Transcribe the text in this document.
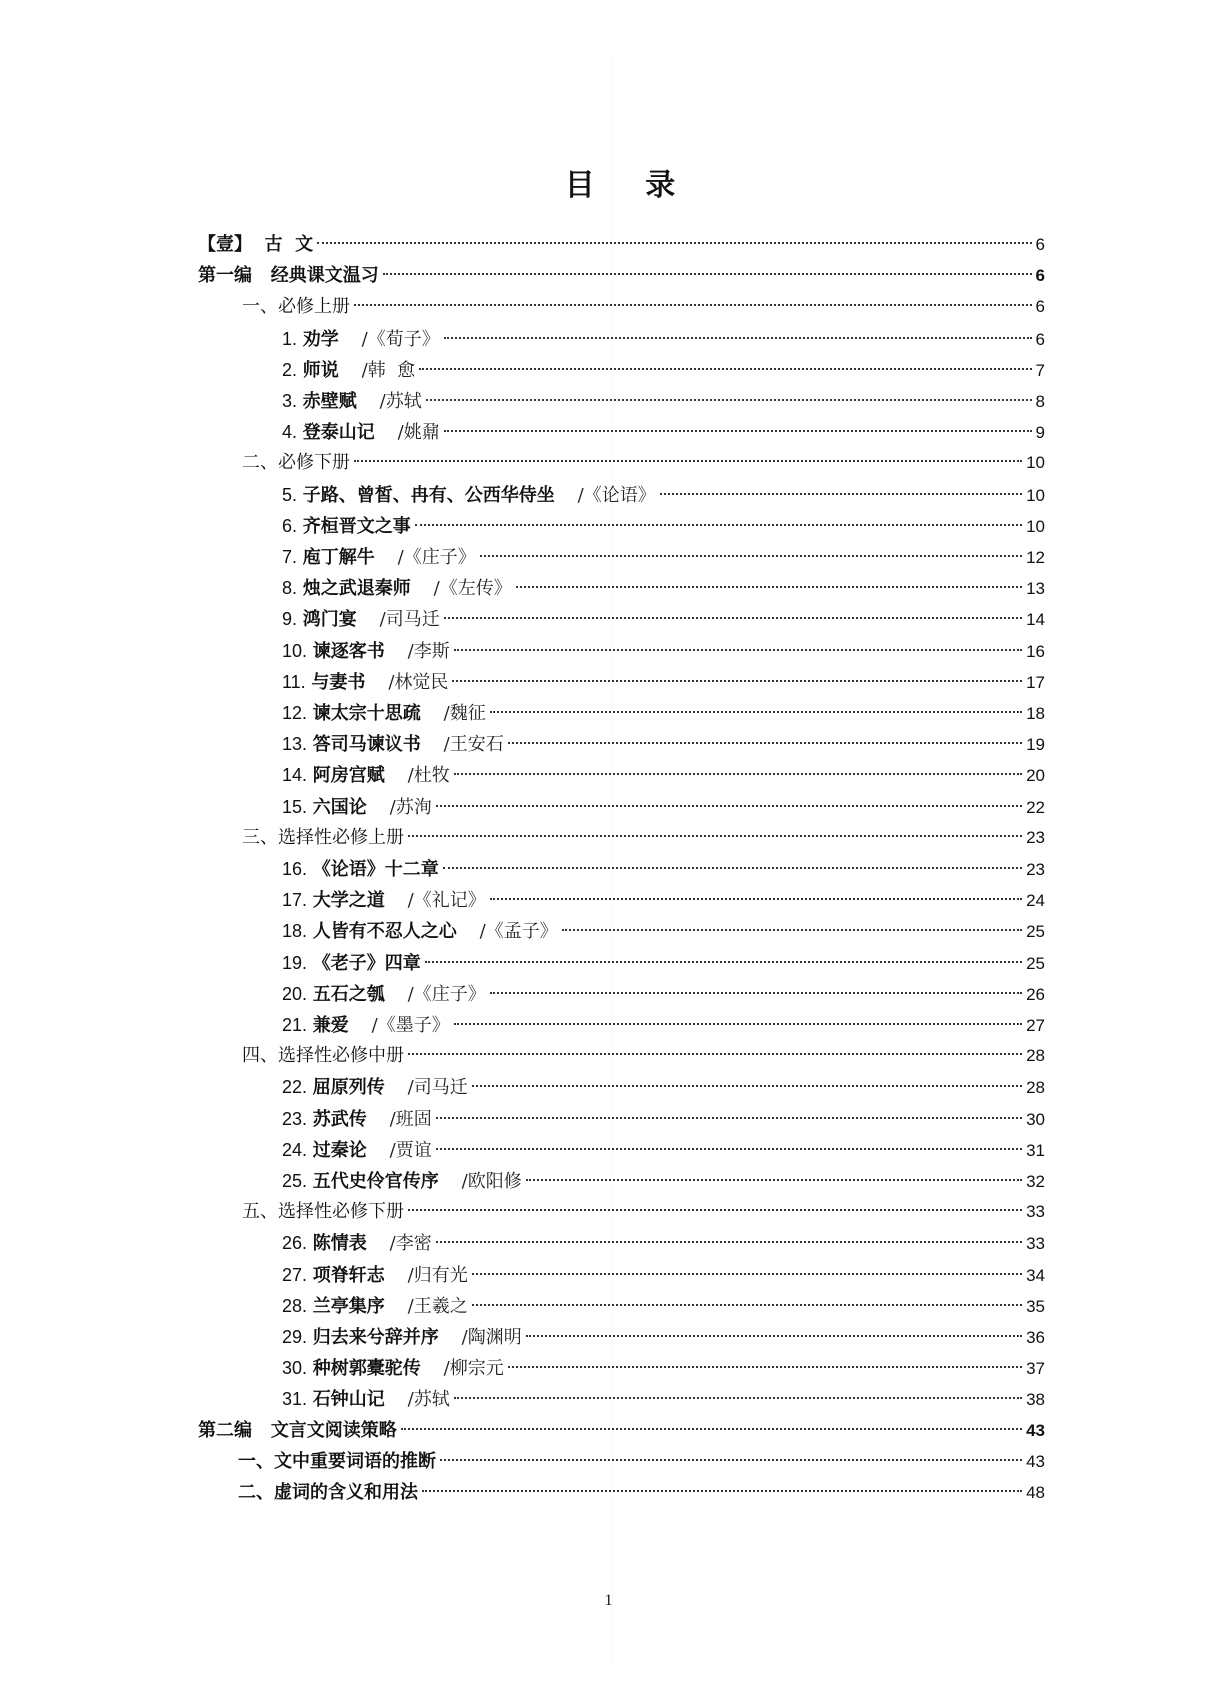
目 录
【壹】  古  文	6
第一编   经典课文温习	6
一、必修上册	6
1. 劝学 /《荀子》	6
2. 师说 /韩  愈	7
3. 赤壁赋 /苏轼	8
4. 登泰山记 /姚鼐	9
二、必修下册	10
5. 子路、曾皙、冉有、公西华侍坐 /《论语》	10
6. 齐桓晋文之事	10
7. 庖丁解牛 /《庄子》	12
8. 烛之武退秦师 /《左传》	13
9. 鸿门宴 /司马迁	14
10. 谏逐客书 /李斯	16
11. 与妻书 /林觉民	17
12. 谏太宗十思疏 /魏征	18
13. 答司马谏议书 /王安石	19
14. 阿房宫赋 /杜牧	20
15. 六国论 /苏洵	22
三、选择性必修上册	23
16. 《论语》十二章	23
17. 大学之道 /《礼记》	24
18. 人皆有不忍人之心 /《孟子》	25
19. 《老子》四章	25
20. 五石之瓠 /《庄子》	26
21. 兼爱 /《墨子》	27
四、选择性必修中册	28
22. 屈原列传 /司马迁	28
23. 苏武传 /班固	30
24. 过秦论 /贾谊	31
25. 五代史伶官传序 /欧阳修	32
五、选择性必修下册	33
26. 陈情表 /李密	33
27. 项脊轩志 /归有光	34
28. 兰亭集序 /王羲之	35
29. 归去来兮辞并序 /陶渊明	36
30. 种树郭橐驼传 /柳宗元	37
31. 石钟山记 /苏轼	38
第二编   文言文阅读策略	43
一、文中重要词语的推断	43
二、虚词的含义和用法	48
1
